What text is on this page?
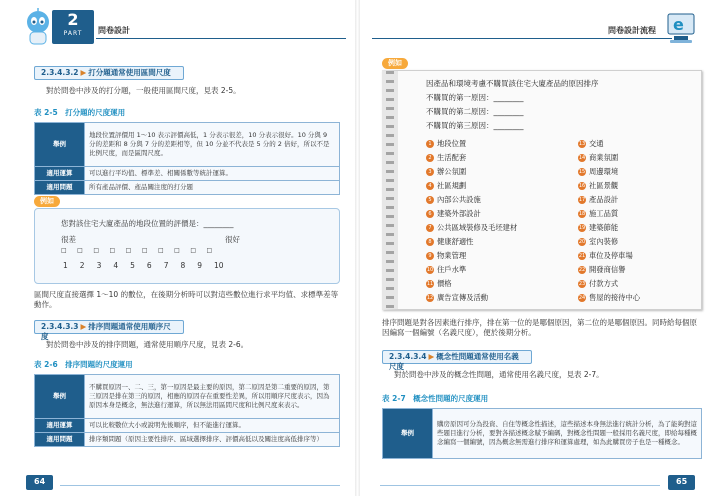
2
PART	問卷設計
2.3.4.3.2 ▶ 打分題通常使用區間尺度
對於問卷中涉及的打分題，一般使用區間尺度，見表 2-5。
表 2-5　打分題的尺度運用
舉例	地段位置評價用 1～10 表示評價高低，1 分表示很差，10 分表示很好。10 分與 9 分的差距和 8 分與 7 分的差距相等，但 10 分並不代表是 5 分的 2 倍好，所以不是比例尺度，而是區間尺度。
適用運算	可以進行平均值、標準差、相關係數等統計運算。
適用問題	所有產品評價、產品關注度的打分題
例如
您對該住宅大廈產品的地段位置的評價是：________
很差	很好
□　　□　　□　　□　　□　　□　　□　　□　　□　　□
1 2 3 4 5 6 7 8 9 10
區間尺度直接選擇 1～10 的數位，在後期分析時可以對這些數位進行求平均值、求標準差等動作。
2.3.4.3.3 ▶ 排序問題通常使用順序尺度
對於問卷中涉及的排序問題，通常使用順序尺度，見表 2-6。
表 2-6　排序問題的尺度運用
舉例	不購買原因一、二、三，第一原因是最主要的原因，第二原因是第二重要的原因，第三原因是排在第三的原因，相應的原因存在重要性差異，所以用順序尺度表示，因為原因本身是概念，無法進行運算，所以無法用區間尺度和比例尺度來表示。
適用運算	可以比較數位大小或說明先後順序，但不能進行運算。
適用問題	排序類問題（原因主要性排序、區域選擇排序、評價高低以及關注度高低排序等）
64
問卷設計流程 e
例如
因產品和環境考慮不購買該住宅大廈產品的原因排序
不購買的第一原因：________
不購買的第二原因：________
不購買的第三原因：________
1 地段位置
2 生活配套
3 辦公氛圍
4 社區規劃
5 內部公共設施
6 建築外部設計
7 公共區域裝修及毛坯建材
8 健康舒適性
9 物業管理
10 住戶水準
11 價格
12 廣告宣傳及活動
13 交通
14 商業氛圍
15 周邊環境
16 社區景觀
17 產品設計
18 施工品質
19 建築節能
20 室內裝修
21 車位及停車場
22 開發商信譽
23 付款方式
24 售屋的接待中心
排序問題是對各因素進行排序，排在第一位的是哪個原因，第二位的是哪個原因。同時給每個原因編寫一個編號（名義尺度），便於後期分析。
2.3.4.3.4 ▶ 概念性問題通常使用名義尺度
對於問卷中涉及的概念性問題，通常使用名義尺度，見表 2-7。
表 2-7　概念性問題的尺度運用
舉例	購房原因可分為投資、自住等概念性描述，這些描述本身無法進行統計分析，為了能夠對這些題目進行分析，要對各描述概念賦予編碼，對概念性問題一般採用名義尺度，即給每種概念編寫一個編號，因為概念無需進行排序和運算處理，如為此購買房子也是一種概念。
65
